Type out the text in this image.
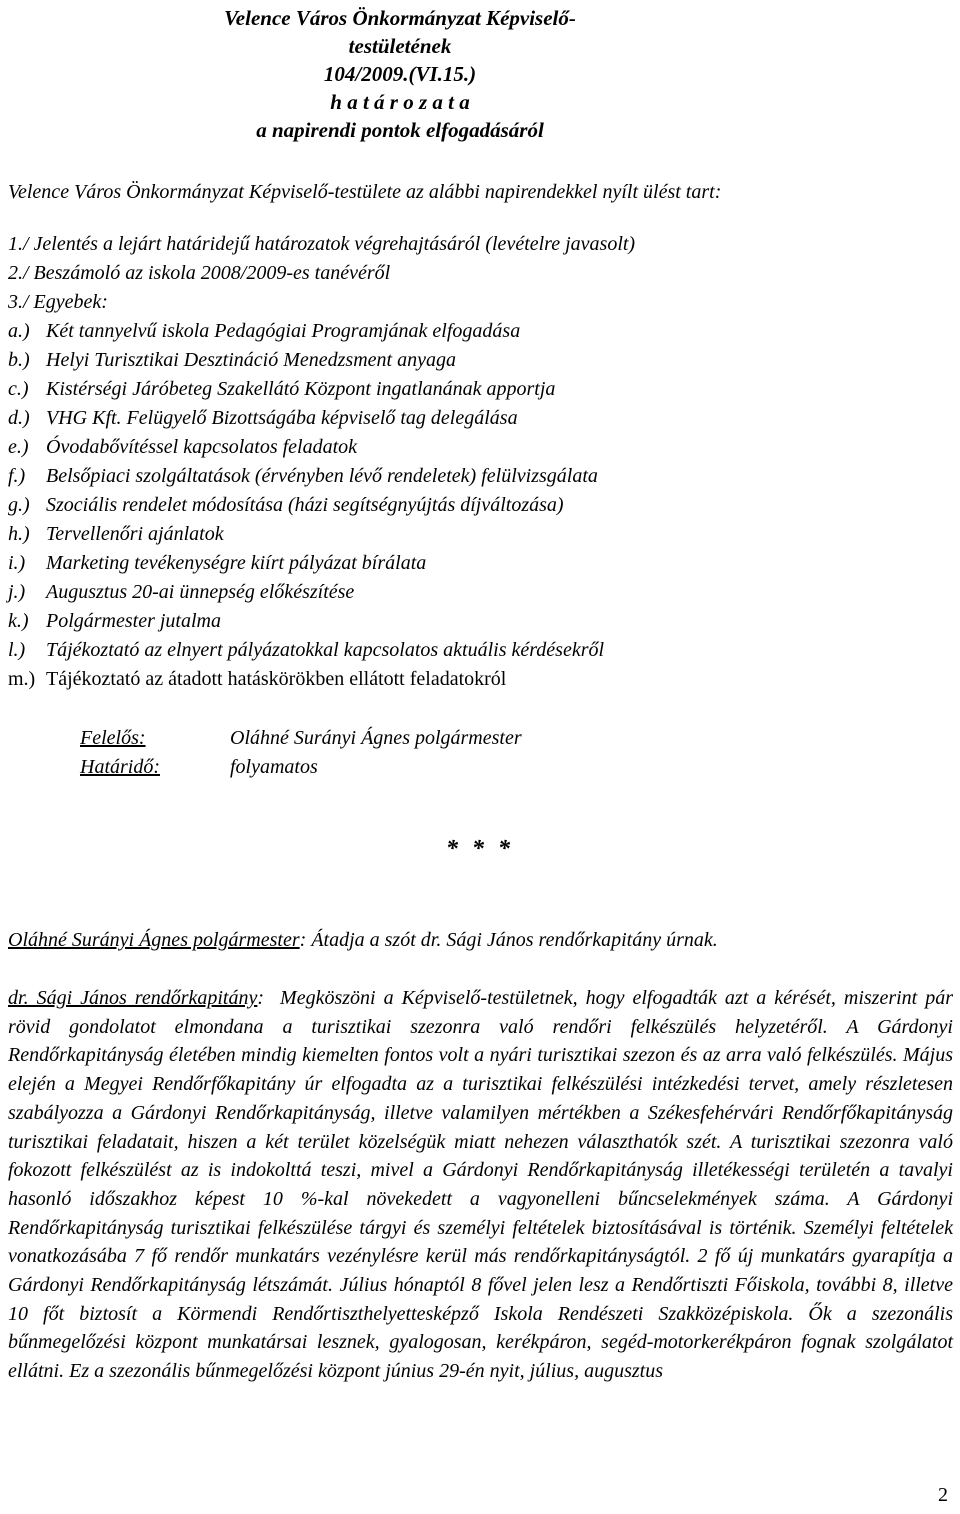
Velence Város Önkormányzat Képviselő-testületének
104/2009.(VI.15.)
h a t á r o z a t a
a napirendi pontok elfogadásáról
Velence Város Önkormányzat Képviselő-testülete az alábbi napirendekkel nyílt ülést tart:
1./ Jelentés a lejárt határidejű határozatok végrehajtásáról (levételre javasolt)
2./ Beszámoló az iskola 2008/2009-es tanévéről
3./ Egyebek:
a.) Két tannyelvű iskola Pedagógiai Programjának elfogadása
b.) Helyi Turisztikai Desztináció Menedzsment anyaga
c.) Kistérségi Járóbeteg Szakellátó Központ ingatlanának apportja
d.) VHG Kft. Felügyelő Bizottságába képviselő tag delegálása
e.) Óvodabővítéssel kapcsolatos feladatok
f.) Belsőpiaci szolgáltatások (érvényben lévő rendeletek) felülvizsgálata
g.) Szociális rendelet módosítása (házi segítségnyújtás díjváltozása)
h.) Tervellenőri ajánlatok
i.) Marketing tevékenységre kiírt pályázat bírálata
j.) Augusztus 20-ai ünnepség előkészítése
k.) Polgármester jutalma
l.) Tájékoztató az elnyert pályázatokkal kapcsolatos aktuális kérdésekről
m.) Tájékoztató az átadott hatáskörökben ellátott feladatokról
Felelős:	Oláhné Surányi Ágnes polgármester
Határidő:	folyamatos
* * *
Oláhné Surányi Ágnes polgármester: Átadja a szót dr. Sági János rendőrkapitány úrnak.
dr. Sági János rendőrkapitány:  Megköszöni a Képviselő-testületnek, hogy elfogadták azt a kérését, miszerint pár rövid gondolatot elmondana a turisztikai szezonra való rendőri felkészülés helyzetéről. A Gárdonyi Rendőrkapitányság életében mindig kiemelten fontos volt a nyári turisztikai szezon és az arra való felkészülés. Május elején a Megyei Rendőrfőkapitány úr elfogadta az a turisztikai felkészülési intézkedési tervet, amely részletesen szabályozza a Gárdonyi Rendőrkapitányság, illetve valamilyen mértékben a Székesfehérvári Rendőrfőkapitányság turisztikai feladatait, hiszen a két terület közelségük miatt nehezen választhatók szét. A turisztikai szezonra való fokozott felkészülést az is indokolttá teszi, mivel a Gárdonyi Rendőrkapitányság illetékességi területén a tavalyi hasonló időszakhoz képest 10 %-kal növekedett a vagyonelleni bűncselekmények száma. A Gárdonyi Rendőrkapitányság turisztikai felkészülése tárgyi és személyi feltételek biztosításával is történik. Személyi feltételek vonatkozásába 7 fő rendőr munkatárs vezénylésre kerül más rendőrkapitányságtól. 2 fő új munkatárs gyarapítja a Gárdonyi Rendőrkapitányság létszámát. Július hónaptól 8 fővel jelen lesz a Rendőrtiszti Főiskola, további 8, illetve 10 főt biztosít a Körmendi Rendőrtiszthelyettesképző Iskola Rendészeti Szakközépiskola. Ők a szezonális bűnmegelőzési központ munkatársai lesznek, gyalogosan, kerékpáron, segéd-motorkerékpáron fognak szolgálatot ellátni. Ez a szezonális bűnmegelőzési központ június 29-én nyit, július, augusztus
2
